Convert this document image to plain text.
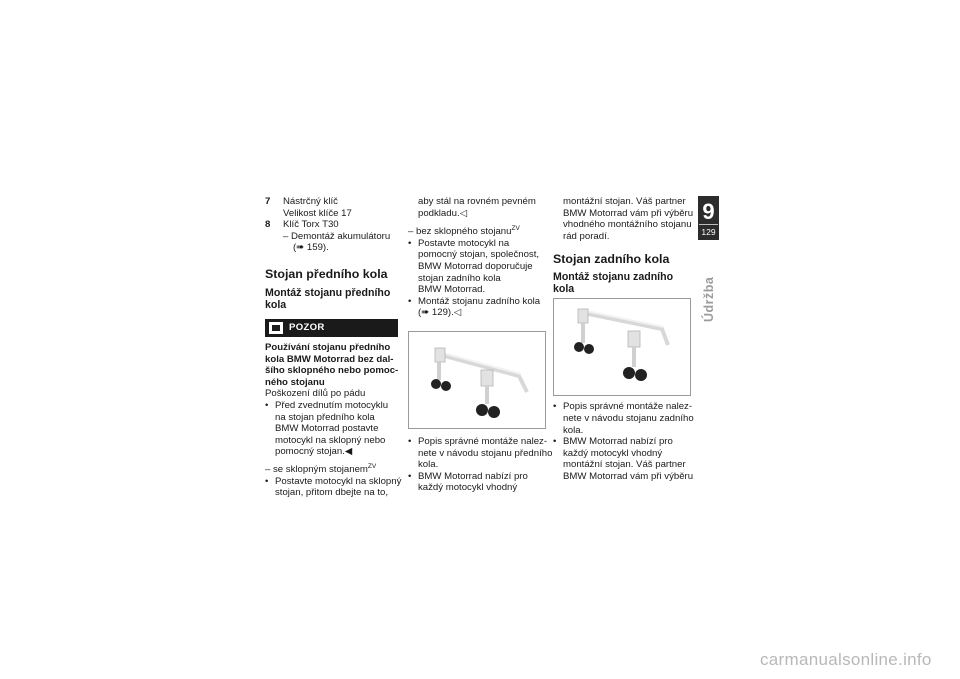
7 Nástrčný klíč
Velikost klíče 17
8 Klíč Torx T30
– Demontáž akumulátoru
(➠ 159).
Stojan předního kola
Montáž stojanu předního
kola
POZOR
Používání stojanu předního
kola BMW Motorrad bez dal-
šího sklopného nebo pomoc-
ného stojanu
Poškození dílů po pádu
• Před zvednutím motocyklu
na stojan předního kola
BMW Motorrad postavte
motocykl na sklopný nebo
pomocný stojan.◀
– se sklopným stojanem$^{ZV}$
• Postavte motocykl na sklopný
stojan, přitom dbejte na to,
aby stál na rovném pevném
podkladu.◁
– bez sklopného stojanu$^{ZV}$
• Postavte motocykl na
pomocný stojan, společnost,
BMW Motorrad doporučuje
stojan zadního kola
BMW Motorrad.
• Montáž stojanu zadního kola
(➠ 129).◁
• Popis správné montáže nalez-
nete v návodu stojanu předního
kola.
• BMW Motorrad nabízí pro
každý motocykl vhodný
montážní stojan. Váš partner
BMW Motorrad vám při výběru
vhodného montážního stojanu
rád poradí.
Stojan zadního kola
Montáž stojanu zadního
kola
• Popis správné montáže nalez-
nete v návodu stojanu zadního
kola.
• BMW Motorrad nabízí pro
každý motocykl vhodný
montážní stojan. Váš partner
BMW Motorrad vám při výběru
9
129
Údržba
carmanualsonline.info
